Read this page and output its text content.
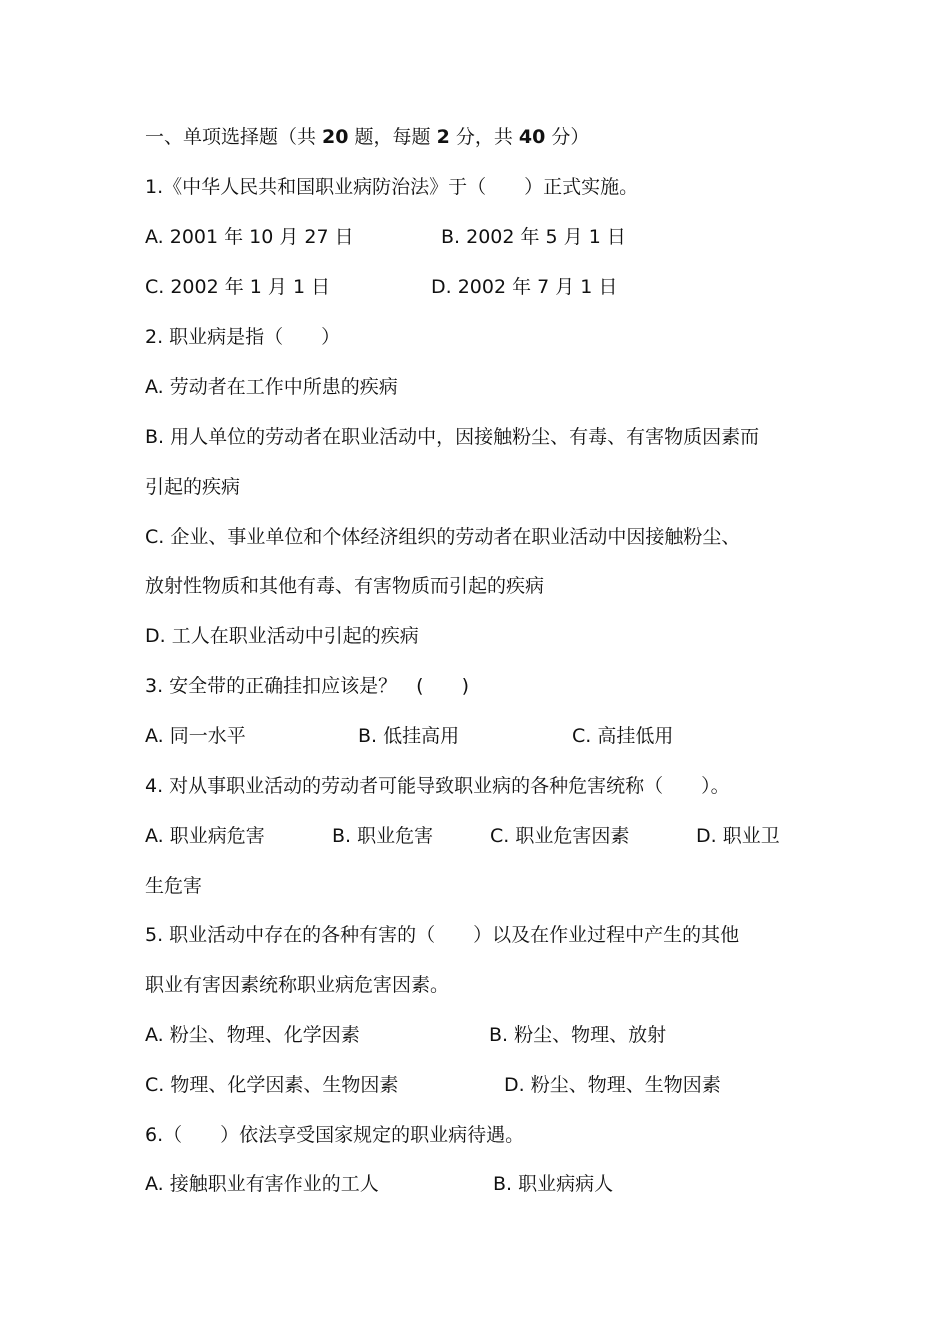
一、单项选择题（共 20 题，每题 2 分，共 40 分）
1.《中华人民共和国职业病防治法》于（　　）正式实施。
A. 2001 年 10 月 27 日	B. 2002 年 5 月 1 日
C. 2002 年 1 月 1 日	D. 2002 年 7 月 1 日
2. 职业病是指（　　）
A. 劳动者在工作中所患的疾病
B. 用人单位的劳动者在职业活动中，因接触粉尘、有毒、有害物质因素而
引起的疾病
C. 企业、事业单位和个体经济组织的劳动者在职业活动中因接触粉尘、
放射性物质和其他有毒、有害物质而引起的疾病
D. 工人在职业活动中引起的疾病
3. 安全带的正确挂扣应该是？　(　　)
A. 同一水平	B. 低挂高用	C. 高挂低用
4. 对从事职业活动的劳动者可能导致职业病的各种危害统称（　　）。
A. 职业病危害	B. 职业危害	C. 职业危害因素	D. 职业卫
生危害
5. 职业活动中存在的各种有害的（　　）以及在作业过程中产生的其他
职业有害因素统称职业病危害因素。
A. 粉尘、物理、化学因素	B. 粉尘、物理、放射
C. 物理、化学因素、生物因素	D. 粉尘、物理、生物因素
6.（　　）依法享受国家规定的职业病待遇。
A. 接触职业有害作业的工人	B. 职业病病人
